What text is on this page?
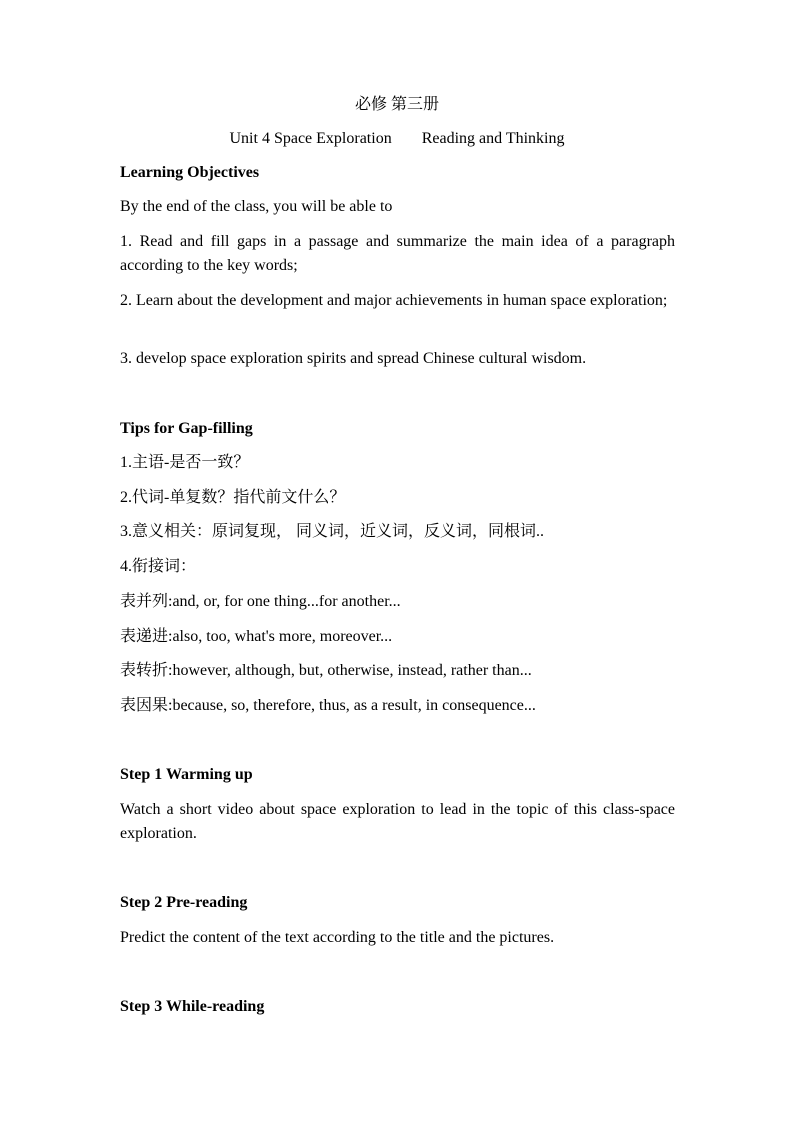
必修 第三册
Unit 4 Space Exploration Reading and Thinking
Learning Objectives
By the end of the class, you will be able to
1. Read and fill gaps in a passage and summarize the main idea of a paragraph according to the key words;
2. Learn about the development and major achievements in human space exploration;
3. develop space exploration spirits and spread Chinese cultural wisdom.
Tips for Gap-filling
1.主语-是否一致？
2.代词-单复数？指代前文什么？
3.意义相关：原词复现， 同义词，近义词，反义词，同根词..
4.衔接词：
表并列:and, or, for one thing...for another...
表递进:also, too, what's more, moreover...
表转折:however, although, but, otherwise, instead, rather than...
表因果:because, so, therefore, thus, as a result, in consequence...
Step 1 Warming up
Watch a short video about space exploration to lead in the topic of this class-space exploration.
Step 2 Pre-reading
Predict the content of the text according to the title and the pictures.
Step 3 While-reading
